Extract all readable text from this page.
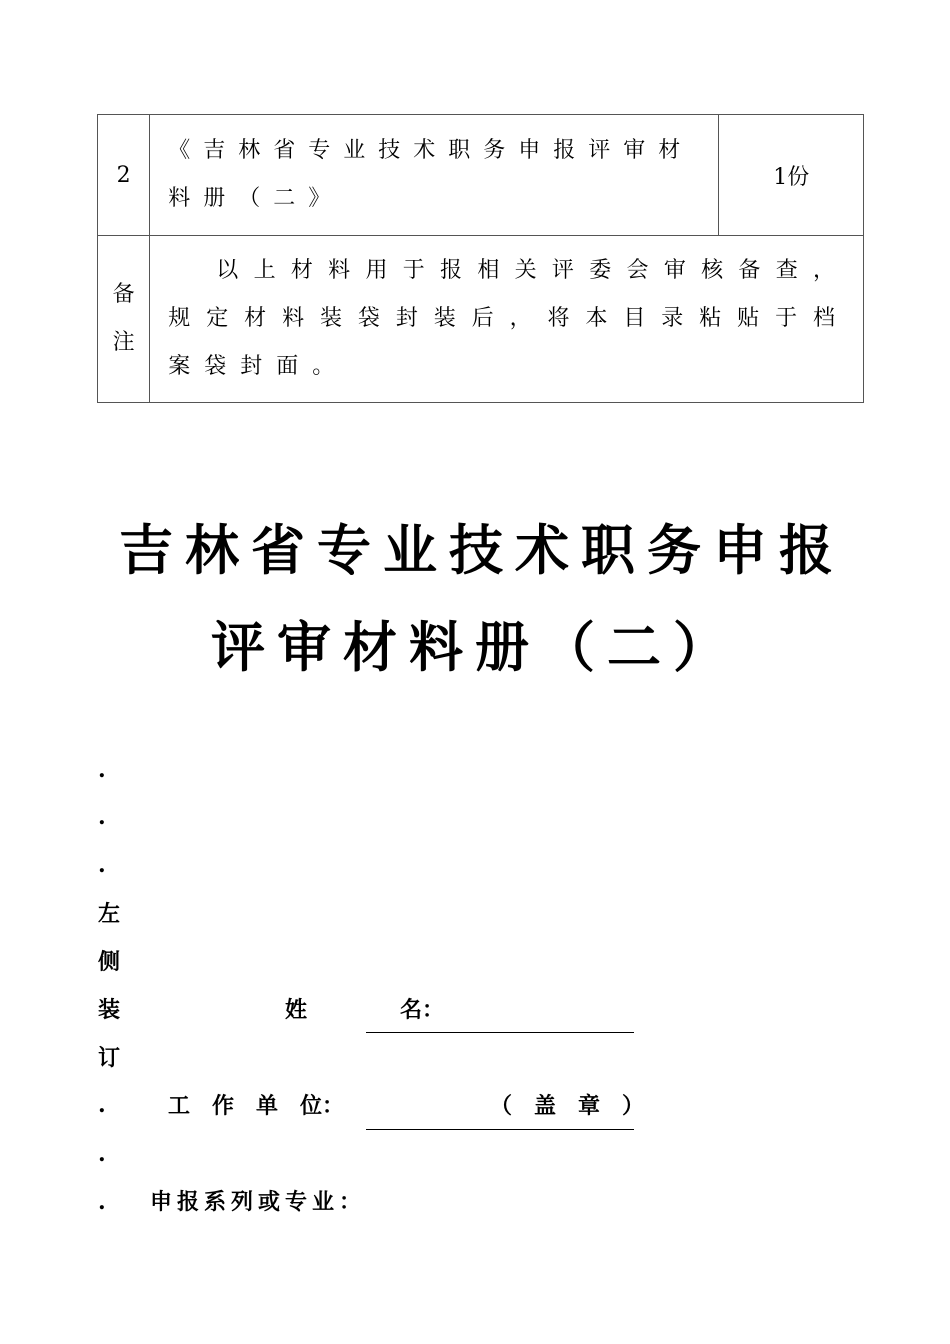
2	《吉林省专业技术职务申报评审材料册（二》	1份

备
注	以上材料用于报相关评委会审核备查，规定材料装袋封装后，将本目录粘贴于档案袋封面。	
吉林省专业技术职务申报
评审材料册（二）
.
.
.
左
侧
装
订
.
.
.
姓	名：
工　作　单　位：	（　盖　章　）
申报系列或专业：
